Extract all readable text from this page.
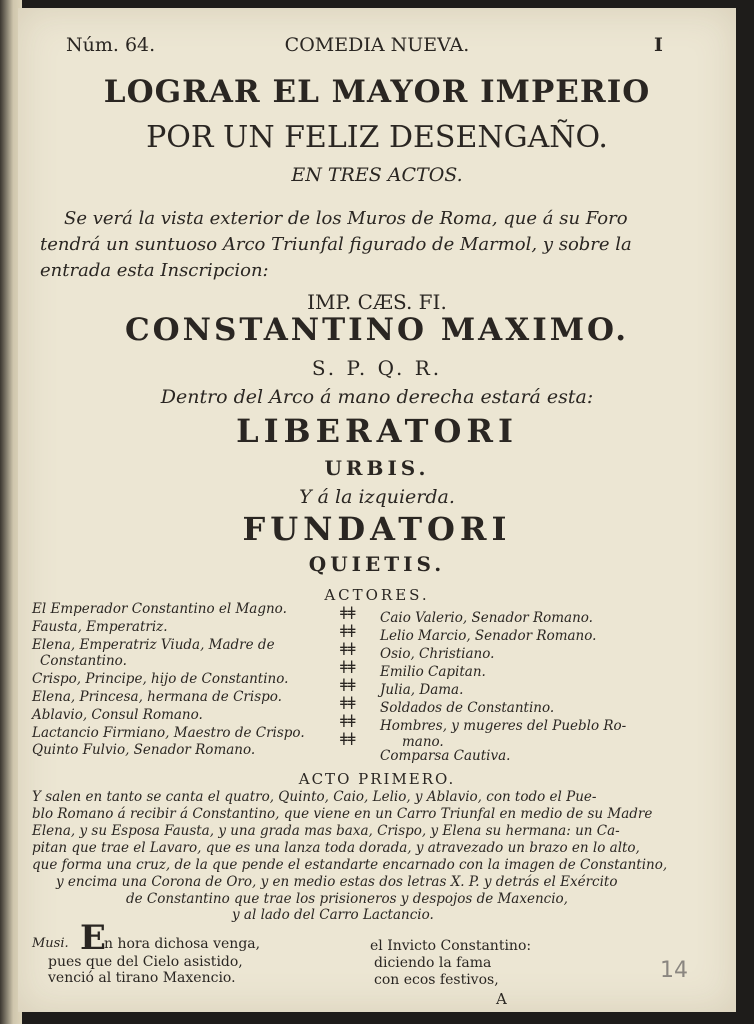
Núm. 64.	COMEDIA NUEVA.	I
LOGRAR EL MAYOR IMPERIO
POR UN FELIZ DESENGAÑO.
EN TRES ACTOS.
Se verá la vista exterior de los Muros de Roma, que á su Foro
tendrá un suntuoso Arco Triunfal figurado de Marmol, y sobre la
entrada esta Inscripcion:
IMP. CÆS. FI.
CONSTANTINO MAXIMO.
S. P. Q. R.
Dentro del Arco á mano derecha estará esta:
LIBERATORI
URBIS.
Y á la izquierda.
FUNDATORI
QUIETIS.
ACTORES.
El Emperador Constantino el Magno.
Fausta, Emperatriz.
Elena, Emperatriz Viuda, Madre de
Constantino.
Crispo, Principe, hijo de Constantino.
Elena, Princesa, hermana de Crispo.
Ablavio, Consul Romano.
Lactancio Firmiano, Maestro de Crispo.
Quinto Fulvio, Senador Romano.
ǂǂ
ǂǂ
ǂǂ
ǂǂ
ǂǂ
ǂǂ
ǂǂ
ǂǂ
Caio Valerio, Senador Romano.
Lelio Marcio, Senador Romano.
Osio, Christiano.
Emilio Capitan.
Julia, Dama.
Soldados de Constantino.
Hombres, y mugeres del Pueblo Ro-
mano.
Comparsa Cautiva.
ACTO PRIMERO.
Y salen en tanto se canta el quatro, Quinto, Caio, Lelio, y Ablavio, con todo el Pue-
blo Romano á recibir á Constantino, que viene en un Carro Triunfal en medio de su Madre
Elena, y su Esposa Fausta, y una grada mas baxa, Crispo, y Elena su hermana: un Ca-
pitan que trae el Lavaro, que es una lanza toda dorada, y atravezado un brazo en lo alto,
que forma una cruz, de la que pende el estandarte encarnado con la imagen de Constantino,
y encima una Corona de Oro, y en medio estas dos letras X. P. y detrás el Exército
de Constantino que trae los prisioneros y despojos de Maxencio,
y al lado del Carro Lactancio.
Musi. E
n hora dichosa venga,
pues que del Cielo asistido,
venció al tirano Maxencio.
el Invicto Constantino:
diciendo la fama
con ecos festivos,
A
14
